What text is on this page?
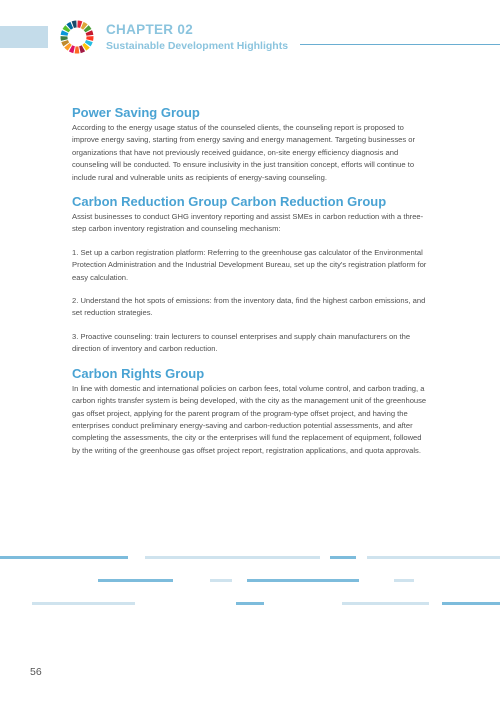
CHAPTER 02
Sustainable Development Highlights
Power Saving Group

According to the energy usage status of the counseled clients, the counseling report is proposed to improve energy saving, starting from energy saving and energy management. Targeting businesses or organizations that have not previously received guidance, on-site energy efficiency diagnosis and counseling will be conducted. To ensure inclusivity in the just transition concept, efforts will continue to include rural and vulnerable units as recipients of energy-saving counseling.

Carbon Reduction Group Carbon Reduction Group

Assist businesses to conduct GHG inventory reporting and assist SMEs in carbon reduction with a three-step carbon inventory registration and counseling mechanism:

1. Set up a carbon registration platform: Referring to the greenhouse gas calculator of the Environmental Protection Administration and the Industrial Development Bureau, set up the city's registration platform for easy calculation.

2. Understand the hot spots of emissions: from the inventory data, find the highest carbon emissions, and set reduction strategies.

3. Proactive counseling: train lecturers to counsel enterprises and supply chain manufacturers on the direction of inventory and carbon reduction.

Carbon Rights Group

In line with domestic and international policies on carbon fees, total volume control, and carbon trading, a carbon rights transfer system is being developed, with the city as the management unit of the greenhouse gas offset project, applying for the parent program of the program-type offset project, and having the enterprises conduct preliminary energy-saving and carbon-reduction potential assessments, and after completing the assessments, the city or the enterprises will fund the replacement of equipment, followed by the writing of the greenhouse gas offset project report, registration applications, and quota approvals.

56
